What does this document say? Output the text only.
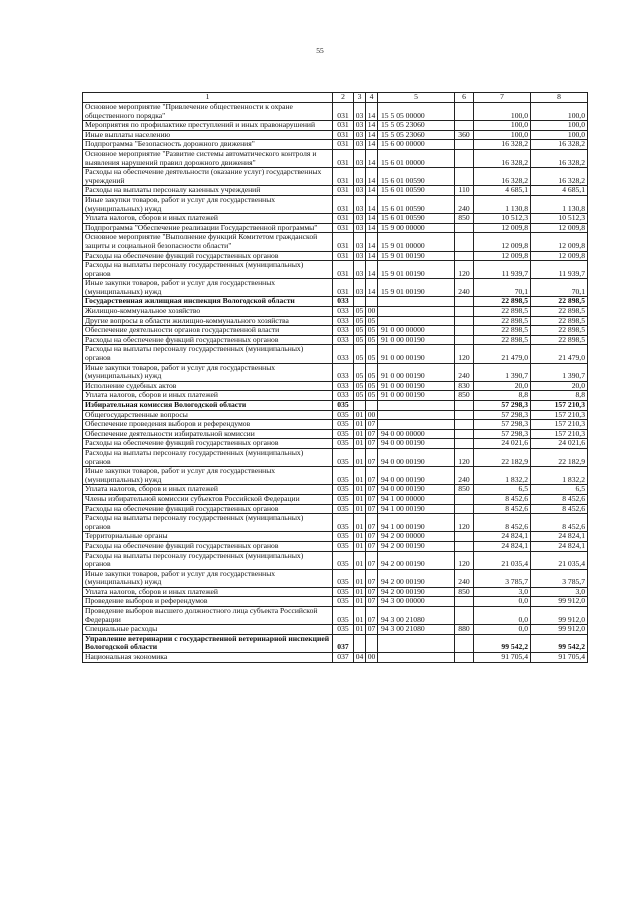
55
1	2	3	4	5	6	7	8
Основное мероприятие "Привлечение общественности к охране общественного порядка"	031	03	14	15 5 05 00000		100,0	100,0
Мероприятия по профилактике преступлений и иных правонарушений	031	03	14	15 5 05 23060		100,0	100,0
Иные выплаты населению	031	03	14	15 5 05 23060	360	100,0	100,0
Подпрограмма "Безопасность дорожного движения"	031	03	14	15 6 00 00000		16 328,2	16 328,2
Основное мероприятие "Развитие системы автоматического контроля и выявления нарушений правил дорожного движения"	031	03	14	15 6 01 00000		16 328,2	16 328,2
Расходы на обеспечение деятельности (оказание услуг) государственных учреждений	031	03	14	15 6 01 00590		16 328,2	16 328,2
Расходы на выплаты персоналу казенных учреждений	031	03	14	15 6 01 00590	110	4 685,1	4 685,1
Иные закупки товаров, работ и услуг для государственных (муниципальных) нужд	031	03	14	15 6 01 00590	240	1 130,8	1 130,8
Уплата налогов, сборов и иных платежей	031	03	14	15 6 01 00590	850	10 512,3	10 512,3
Подпрограмма "Обеспечение реализации Государственной программы"	031	03	14	15 9 00 00000		12 009,8	12 009,8
Основное мероприятие "Выполнение функций Комитетом гражданской защиты и социальной безопасности области"	031	03	14	15 9 01 00000		12 009,8	12 009,8
Расходы на обеспечение функций государственных органов	031	03	14	15 9 01 00190		12 009,8	12 009,8
Расходы на выплаты персоналу государственных (муниципальных) органов	031	03	14	15 9 01 00190	120	11 939,7	11 939,7
Иные закупки товаров, работ и услуг для государственных (муниципальных) нужд	031	03	14	15 9 01 00190	240	70,1	70,1
Государственная жилищная инспекция Вологодской области	033					22 898,5	22 898,5
Жилищно-коммунальное хозяйство	033	05	00			22 898,5	22 898,5
Другие вопросы в области жилищно-коммунального хозяйства	033	05	05			22 898,5	22 898,5
Обеспечение деятельности органов государственной власти	033	05	05	91 0 00 00000		22 898,5	22 898,5
Расходы на обеспечение функций государственных органов	033	05	05	91 0 00 00190		22 898,5	22 898,5
Расходы на выплаты персоналу государственных (муниципальных) органов	033	05	05	91 0 00 00190	120	21 479,0	21 479,0
Иные закупки товаров, работ и услуг для государственных (муниципальных) нужд	033	05	05	91 0 00 00190	240	1 390,7	1 390,7
Исполнение судебных актов	033	05	05	91 0 00 00190	830	20,0	20,0
Уплата налогов, сборов и иных платежей	033	05	05	91 0 00 00190	850	8,8	8,8
Избирательная комиссия Вологодской области	035					57 298,3	157 210,3
Общегосударственные вопросы	035	01	00			57 298,3	157 210,3
Обеспечение проведения выборов и референдумов	035	01	07			57 298,3	157 210,3
Обеспечение деятельности избирательной комиссии	035	01	07	94 0 00 00000		57 298,3	157 210,3
Расходы на обеспечение функций государственных органов	035	01	07	94 0 00 00190		24 021,6	24 021,6
Расходы на выплаты персоналу государственных (муниципальных) органов	035	01	07	94 0 00 00190	120	22 182,9	22 182,9
Иные закупки товаров, работ и услуг для государственных (муниципальных) нужд	035	01	07	94 0 00 00190	240	1 832,2	1 832,2
Уплата налогов, сборов и иных платежей	035	01	07	94 0 00 00190	850	6,5	6,5
Члены избирательной комиссии субъектов Российской Федерации	035	01	07	94 1 00 00000		8 452,6	8 452,6
Расходы на обеспечение функций государственных органов	035	01	07	94 1 00 00190		8 452,6	8 452,6
Расходы на выплаты персоналу государственных (муниципальных) органов	035	01	07	94 1 00 00190	120	8 452,6	8 452,6
Территориальные органы	035	01	07	94 2 00 00000		24 824,1	24 824,1
Расходы на обеспечение функций государственных органов	035	01	07	94 2 00 00190		24 824,1	24 824,1
Расходы на выплаты персоналу государственных (муниципальных) органов	035	01	07	94 2 00 00190	120	21 035,4	21 035,4
Иные закупки товаров, работ и услуг для государственных (муниципальных) нужд	035	01	07	94 2 00 00190	240	3 785,7	3 785,7
Уплата налогов, сборов и иных платежей	035	01	07	94 2 00 00190	850	3,0	3,0
Проведение выборов и референдумов	035	01	07	94 3 00 00000		0,0	99 912,0
Проведение выборов высшего должностного лица субъекта Российской Федерации	035	01	07	94 3 00 21080		0,0	99 912,0
Специальные расходы	035	01	07	94 3 00 21080	880	0,0	99 912,0
Управление ветеринарии с государственной ветеринарной инспекцией Вологодской области	037					99 542,2	99 542,2
Национальная экономика	037	04	00			91 705,4	91 705,4
